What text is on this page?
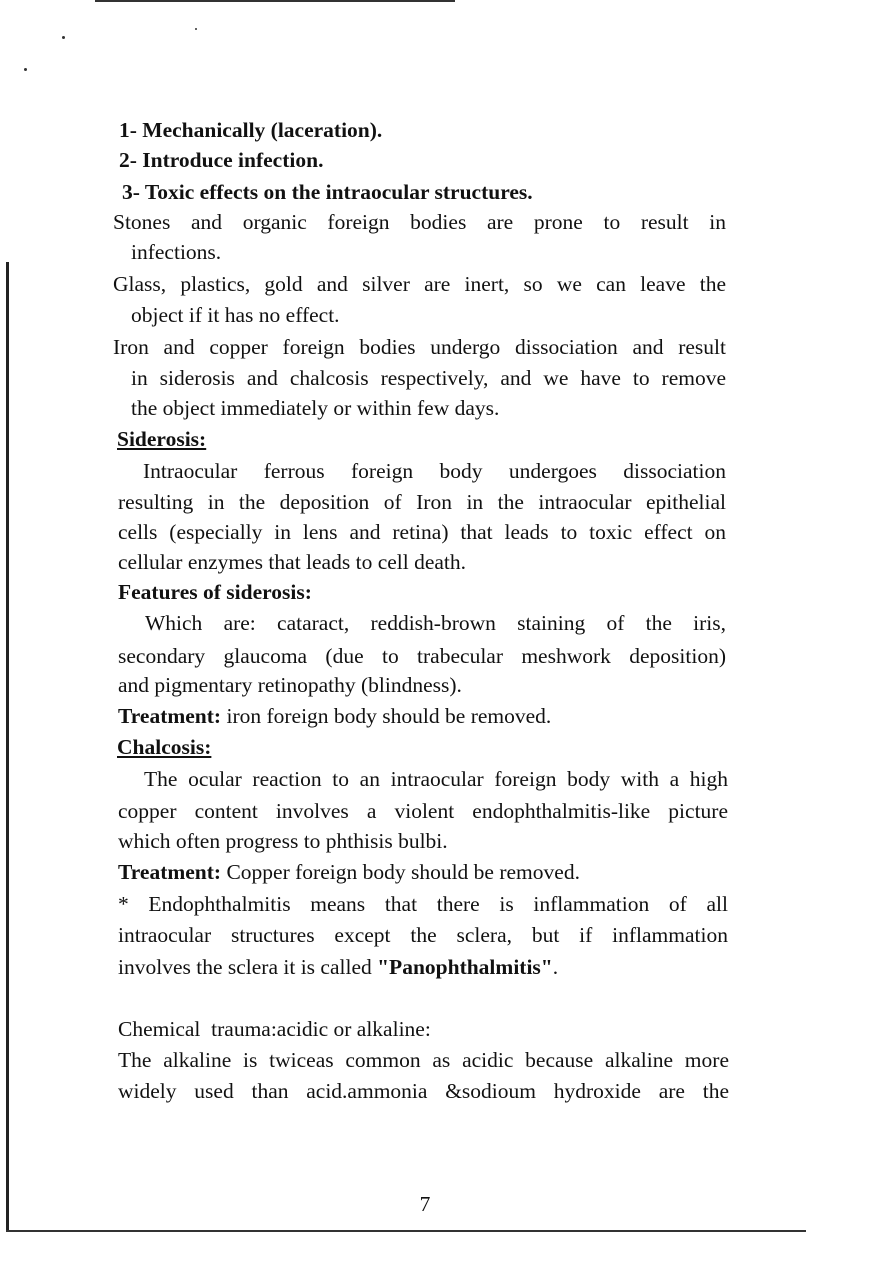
1- Mechanically (laceration).
2- Introduce infection.
3- Toxic effects on the intraocular structures.
Stones and organic foreign bodies are prone to result in
infections.
Glass, plastics, gold and silver are inert, so we can leave the
object if it has no effect.
Iron and copper foreign bodies undergo dissociation and result
in siderosis and chalcosis respectively, and we have to remove
the object immediately or within few days.
Siderosis:
Intraocular ferrous foreign body undergoes dissociation
resulting in the deposition of Iron in the intraocular epithelial
cells (especially in lens and retina) that leads to toxic effect on
cellular enzymes that leads to cell death.
Features of siderosis:
Which are: cataract, reddish-brown staining of the iris,
secondary glaucoma (due to trabecular meshwork deposition)
and pigmentary retinopathy (blindness).
Treatment: iron foreign body should be removed.
Chalcosis:
The ocular reaction to an intraocular foreign body with a high
copper content involves a violent endophthalmitis-like picture
which often progress to phthisis bulbi.
Treatment: Copper foreign body should be removed.
* Endophthalmitis means that there is inflammation of all
intraocular structures except the sclera, but if inflammation
involves the sclera it is called "Panophthalmitis".
Chemical  trauma:acidic or alkaline:
The alkaline is twiceas common as acidic because alkaline more
widely used than acid.ammonia &sodioum hydroxide are the
7
